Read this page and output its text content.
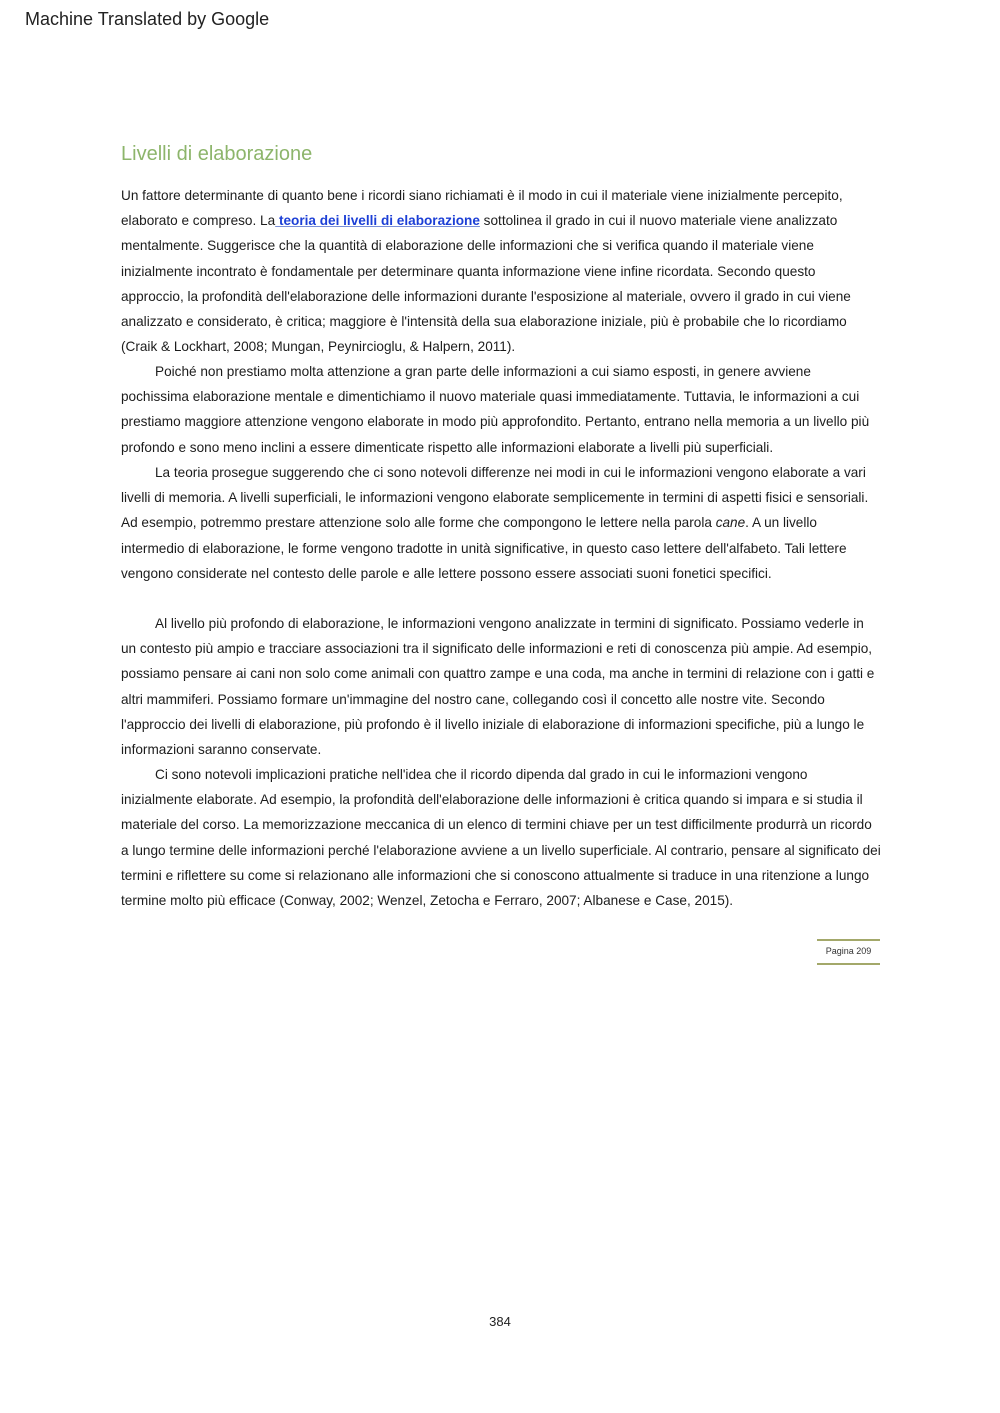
Machine Translated by Google
Livelli di elaborazione

Un fattore determinante di quanto bene i ricordi siano richiamati è il modo in cui il materiale viene inizialmente percepito, elaborato e compreso. La teoria dei livelli di elaborazione sottolinea il grado in cui il nuovo materiale viene analizzato mentalmente. Suggerisce che la quantità di elaborazione delle informazioni che si verifica quando il materiale viene inizialmente incontrato è fondamentale per determinare quanta informazione viene infine ricordata. Secondo questo approccio, la profondità dell'elaborazione delle informazioni durante l'esposizione al materiale, ovvero il grado in cui viene analizzato e considerato, è critica; maggiore è l'intensità della sua elaborazione iniziale, più è probabile che lo ricordiamo (Craik & Lockhart, 2008; Mungan, Peynircioglu, & Halpern, 2011).

Poiché non prestiamo molta attenzione a gran parte delle informazioni a cui siamo esposti, in genere avviene pochissima elaborazione mentale e dimentichiamo il nuovo materiale quasi immediatamente. Tuttavia, le informazioni a cui prestiamo maggiore attenzione vengono elaborate in modo più approfondito. Pertanto, entrano nella memoria a un livello più profondo e sono meno inclini a essere dimenticate rispetto alle informazioni elaborate a livelli più superficiali.

La teoria prosegue suggerendo che ci sono notevoli differenze nei modi in cui le informazioni vengono elaborate a vari livelli di memoria. A livelli superficiali, le informazioni vengono elaborate semplicemente in termini di aspetti fisici e sensoriali. Ad esempio, potremmo prestare attenzione solo alle forme che compongono le lettere nella parola cane. A un livello intermedio di elaborazione, le forme vengono tradotte in unità significative, in questo caso lettere dell'alfabeto. Tali lettere vengono considerate nel contesto delle parole e alle lettere possono essere associati suoni fonetici specifici.

Al livello più profondo di elaborazione, le informazioni vengono analizzate in termini di significato. Possiamo vederle in un contesto più ampio e tracciare associazioni tra il significato delle informazioni e reti di conoscenza più ampie. Ad esempio, possiamo pensare ai cani non solo come animali con quattro zampe e una coda, ma anche in termini di relazione con i gatti e altri mammiferi. Possiamo formare un'immagine del nostro cane, collegando così il concetto alle nostre vite. Secondo l'approccio dei livelli di elaborazione, più profondo è il livello iniziale di elaborazione di informazioni specifiche, più a lungo le informazioni saranno conservate.

Ci sono notevoli implicazioni pratiche nell'idea che il ricordo dipenda dal grado in cui le informazioni vengono inizialmente elaborate. Ad esempio, la profondità dell'elaborazione delle informazioni è critica quando si impara e si studia il materiale del corso. La memorizzazione meccanica di un elenco di termini chiave per un test difficilmente produrrà un ricordo a lungo termine delle informazioni perché l'elaborazione avviene a un livello superficiale. Al contrario, pensare al significato dei termini e riflettere su come si relazionano alle informazioni che si conoscono attualmente si traduce in una ritenzione a lungo termine molto più efficace (Conway, 2002; Wenzel, Zetocha e Ferraro, 2007; Albanese e Case, 2015).

Pagina 209
384
